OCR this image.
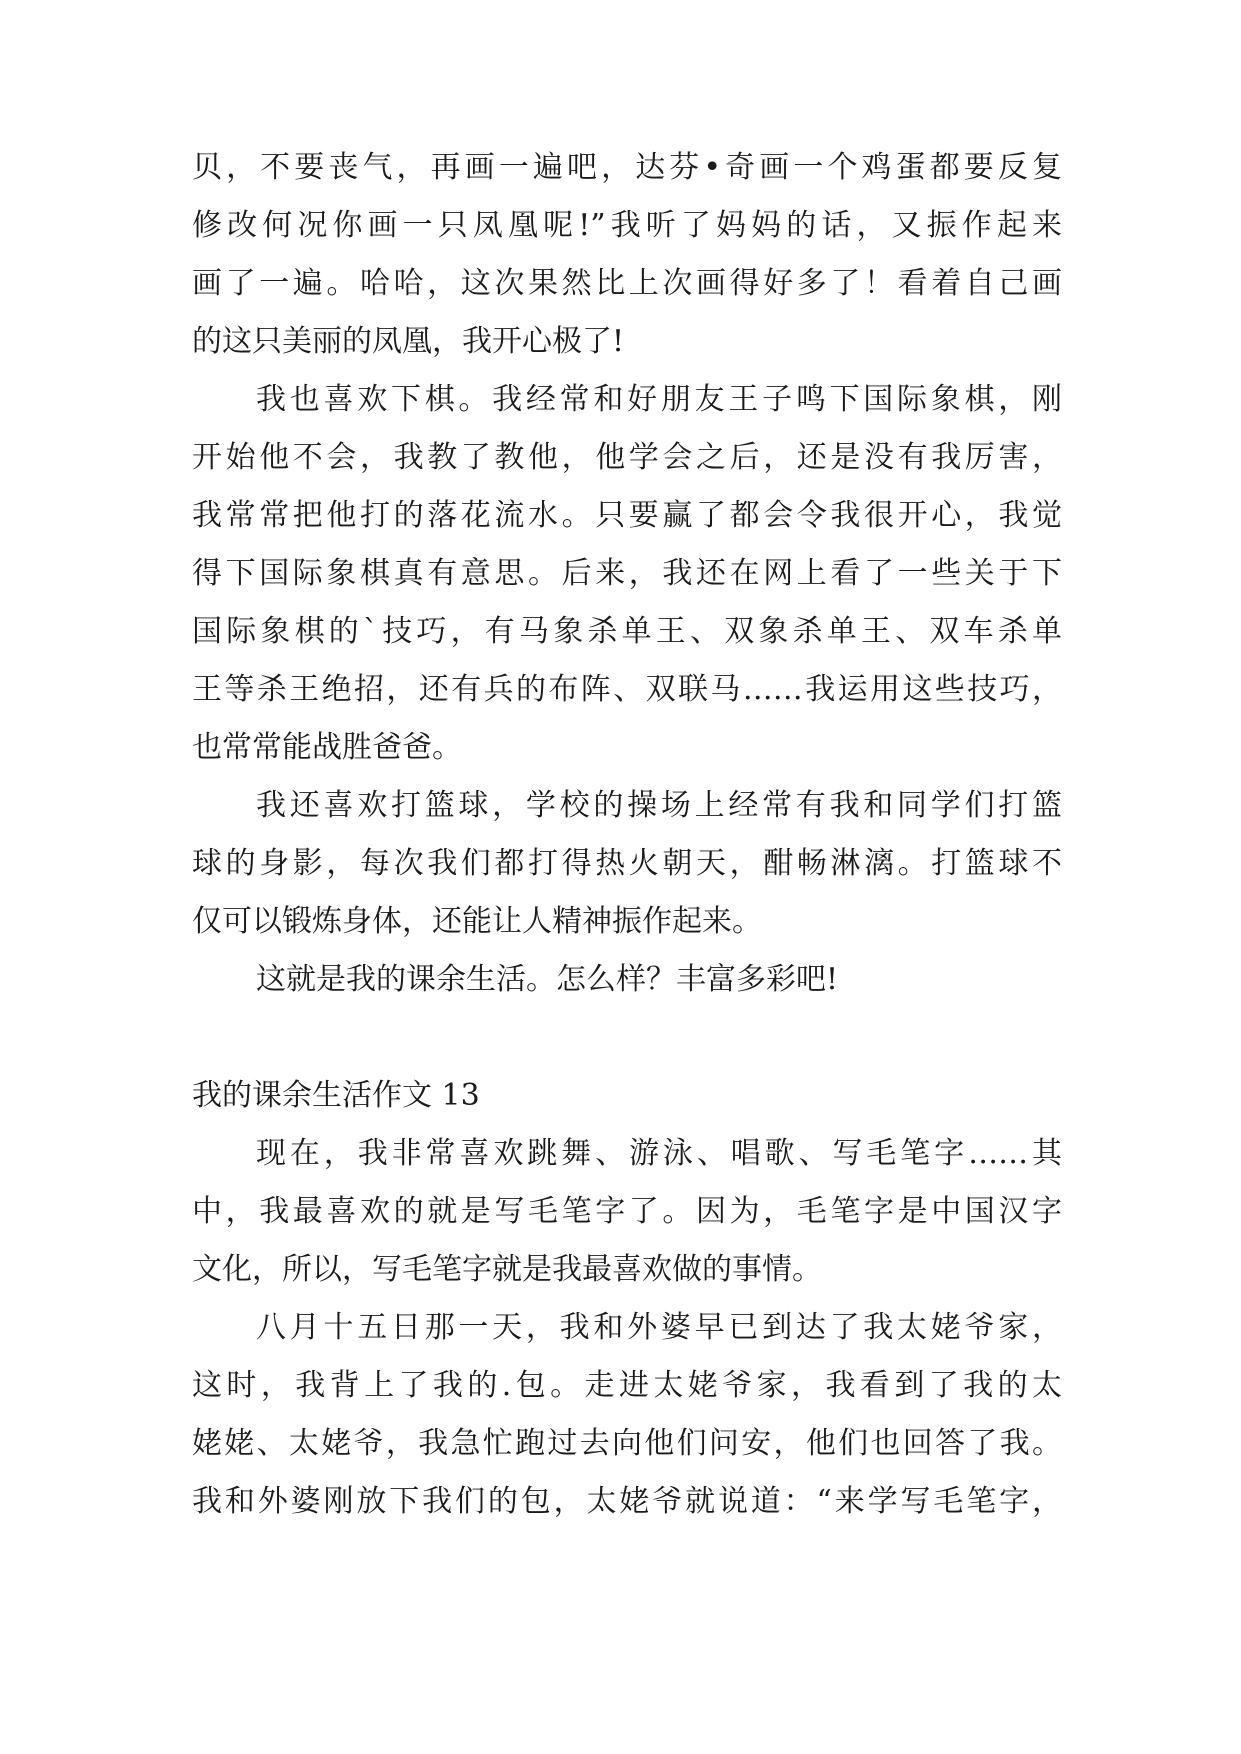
贝，不要丧气，再画一遍吧，达芬•奇画一个鸡蛋都要反复
修改何况你画一只凤凰呢!”我听了妈妈的话，又振作起来
画了一遍。哈哈，这次果然比上次画得好多了！看着自己画
的这只美丽的凤凰，我开心极了!
我也喜欢下棋。我经常和好朋友王子鸣下国际象棋，刚
开始他不会，我教了教他，他学会之后，还是没有我厉害，
我常常把他打的落花流水。只要赢了都会令我很开心，我觉
得下国际象棋真有意思。后来，我还在网上看了一些关于下
国际象棋的`技巧，有马象杀单王、双象杀单王、双车杀单
王等杀王绝招，还有兵的布阵、双联马……我运用这些技巧，
也常常能战胜爸爸。
我还喜欢打篮球，学校的操场上经常有我和同学们打篮
球的身影，每次我们都打得热火朝天，酣畅淋漓。打篮球不
仅可以锻炼身体，还能让人精神振作起来。
这就是我的课余生活。怎么样？丰富多彩吧!
我的课余生活作文 13
现在，我非常喜欢跳舞、游泳、唱歌、写毛笔字……其
中，我最喜欢的就是写毛笔字了。因为，毛笔字是中国汉字
文化，所以，写毛笔字就是我最喜欢做的事情。
八月十五日那一天，我和外婆早已到达了我太姥爷家，
这时，我背上了我的.包。走进太姥爷家，我看到了我的太
姥姥、太姥爷，我急忙跑过去向他们问安，他们也回答了我。
我和外婆刚放下我们的包，太姥爷就说道：“来学写毛笔字，
